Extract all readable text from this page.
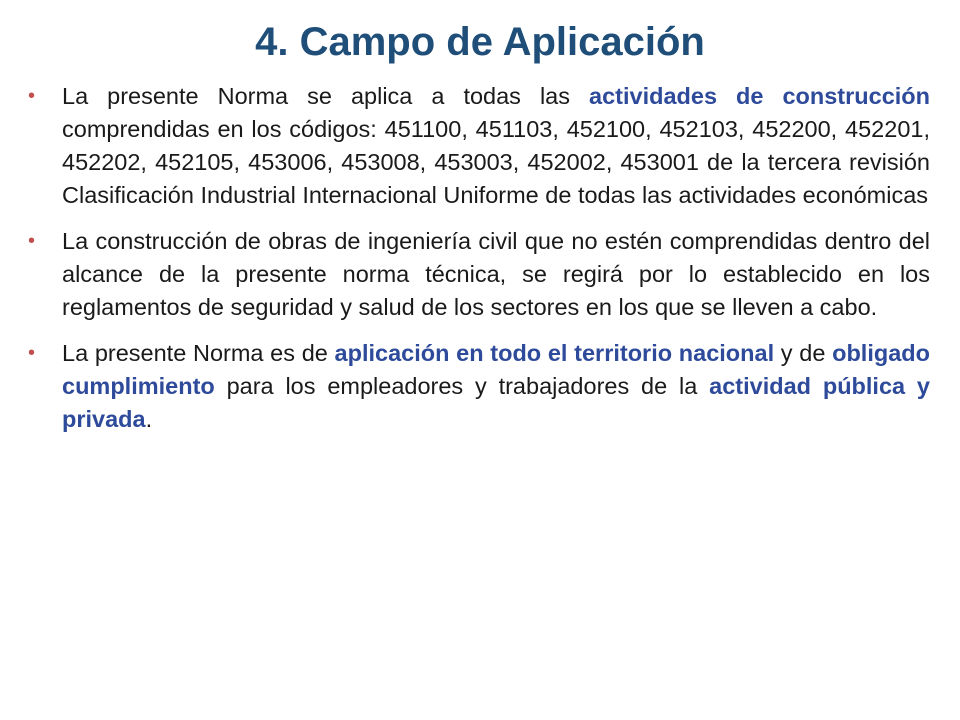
4. Campo de Aplicación
• La presente Norma se aplica a todas las actividades de construcción comprendidas en los códigos: 451100, 451103, 452100, 452103, 452200, 452201, 452202, 452105, 453006, 453008, 453003, 452002, 453001 de la tercera revisión Clasificación Industrial Internacional Uniforme de todas las actividades económicas
• La construcción de obras de ingeniería civil que no estén comprendidas dentro del alcance de la presente norma técnica, se regirá por lo establecido en los reglamentos de seguridad y salud de los sectores en los que se lleven a cabo.
• La presente Norma es de aplicación en todo el territorio nacional y de obligado cumplimiento para los empleadores y trabajadores de la actividad pública y privada.
